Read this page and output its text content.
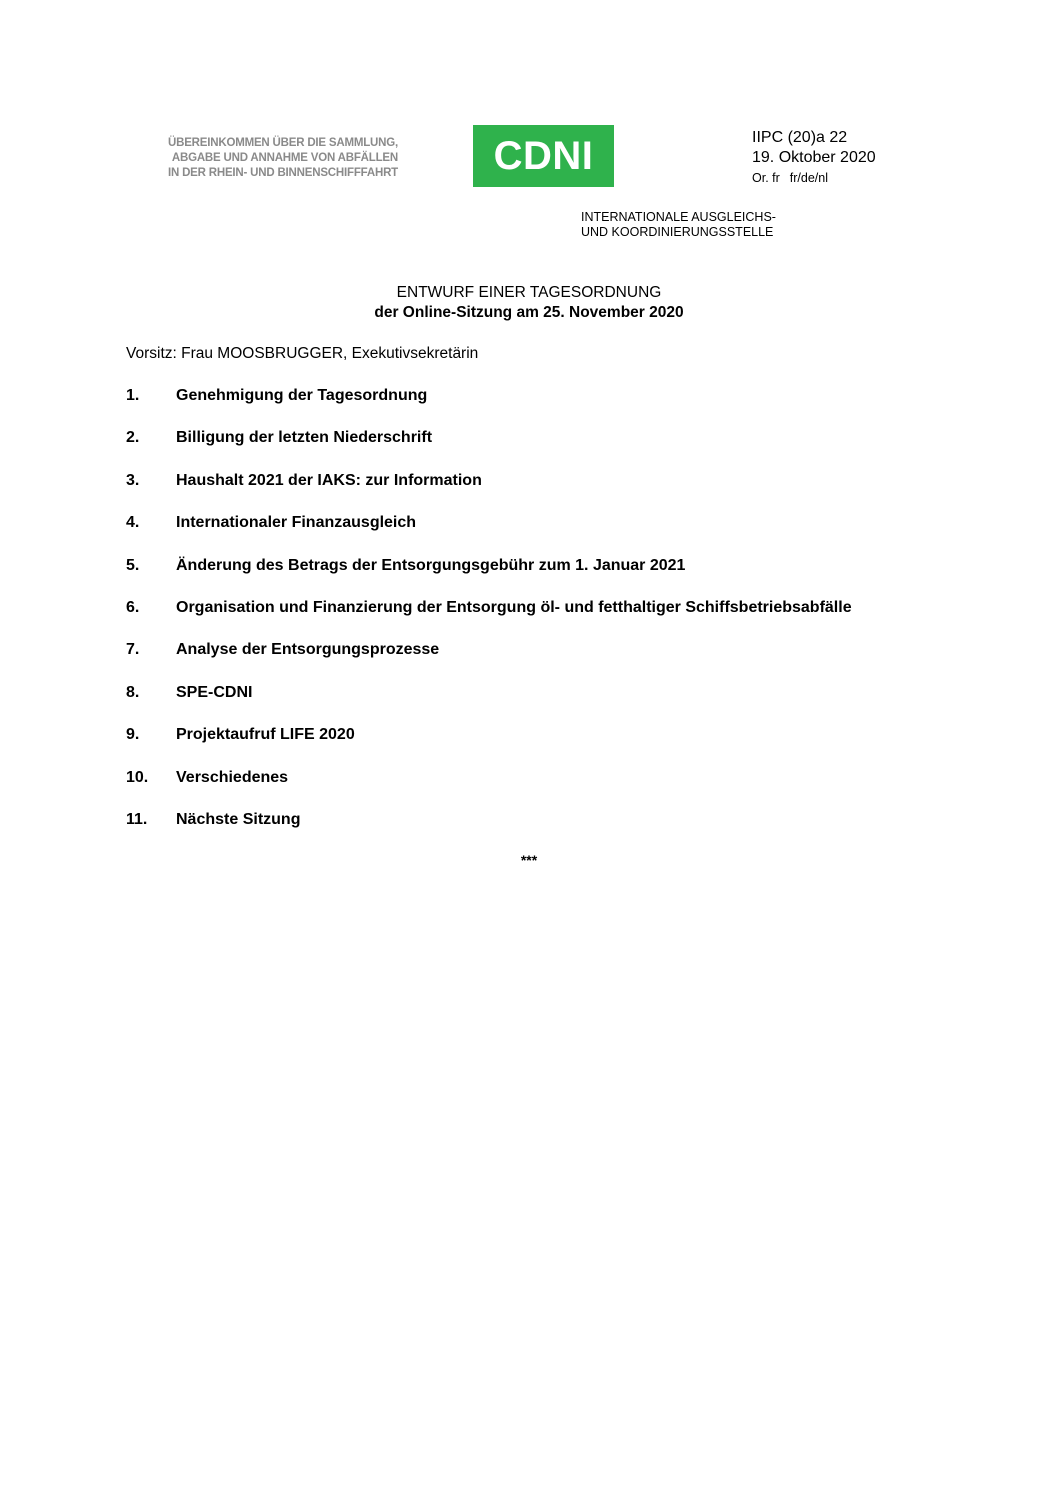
ÜBEREINKOMMEN ÜBER DIE SAMMLUNG,
ABGABE UND ANNAHME VON ABFÄLLEN
IN DER RHEIN- UND BINNENSCHIFFFAHRT	CDNI	IIPC (20)a 22
19. Oktober 2020
Or. fr fr/de/nl
INTERNATIONALE AUSGLEICHS-
UND KOORDINIERUNGSSTELLE
ENTWURF EINER TAGESORDNUNG
der Online-Sitzung am 25. November 2020
Vorsitz: Frau MOOSBRUGGER, Exekutivsekretärin
1.	Genehmigung der Tagesordnung
2.	Billigung der letzten Niederschrift
3.	Haushalt 2021 der IAKS: zur Information
4.	Internationaler Finanzausgleich
5.	Änderung des Betrags der Entsorgungsgebühr zum 1. Januar 2021
6.	Organisation und Finanzierung der Entsorgung öl- und fetthaltiger Schiffsbetriebsabfälle
7.	Analyse der Entsorgungsprozesse
8.	SPE-CDNI
9.	Projektaufruf LIFE 2020
10.	Verschiedenes
11.	Nächste Sitzung
***
